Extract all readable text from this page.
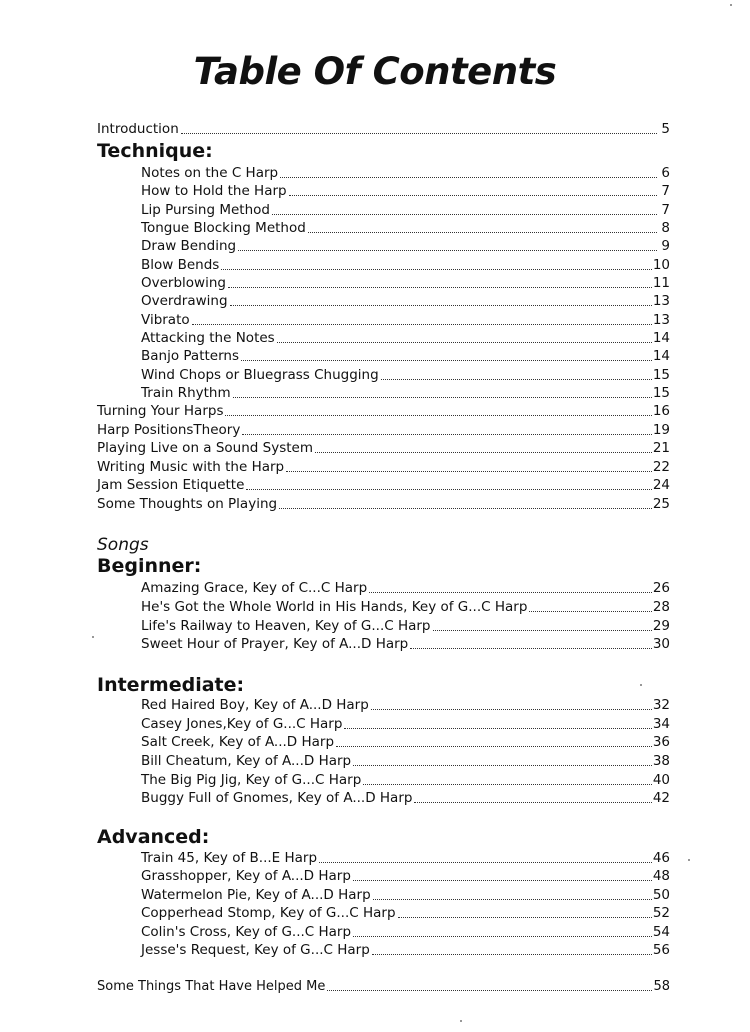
Table Of Contents
Introduction	5
Technique:
Notes on the C Harp	6
How to Hold the Harp	7
Lip Pursing Method	7
Tongue Blocking Method	8
Draw Bending	9
Blow Bends	10
Overblowing	11
Overdrawing	13
Vibrato	13
Attacking the Notes	14
Banjo Patterns	14
Wind Chops or Bluegrass Chugging	15
Train Rhythm	15
Turning Your Harps	16
Harp PositionsTheory	19
Playing Live on a Sound System	21
Writing Music with the Harp	22
Jam Session Etiquette	24
Some Thoughts on Playing	25
Songs
Beginner:
Amazing Grace, Key of C...C Harp	26
He's Got the Whole World in His Hands, Key of G...C Harp	28
Life's Railway to Heaven, Key of G...C Harp	29
Sweet Hour of Prayer, Key of A...D Harp	30
Intermediate:
Red Haired Boy, Key of A...D Harp	32
Casey Jones,Key of G...C Harp	34
Salt Creek, Key of A...D Harp	36
Bill Cheatum, Key of A...D Harp	38
The Big Pig Jig, Key of G...C Harp	40
Buggy Full of Gnomes, Key of A...D Harp	42
Advanced:
Train 45, Key of B...E Harp	46
Grasshopper, Key of A...D Harp	48
Watermelon Pie, Key of A...D Harp	50
Copperhead Stomp, Key of G...C Harp	52
Colin's Cross, Key of G...C Harp	54
Jesse's Request, Key of G...C Harp	56
Some Things That Have Helped Me	58
